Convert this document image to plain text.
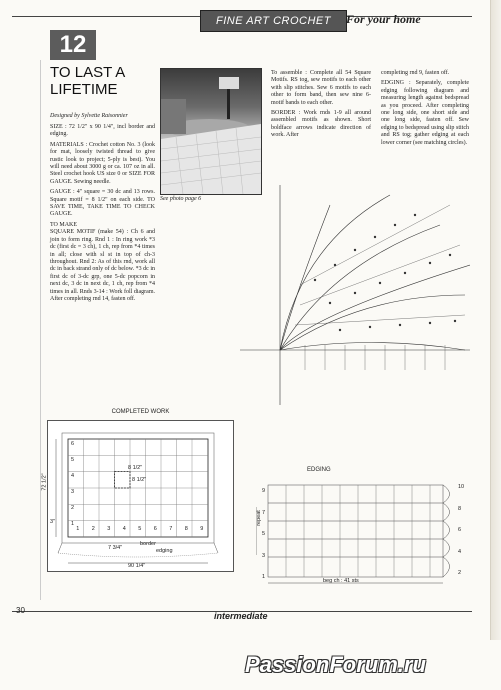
FINE ART CROCHET	For your home
12
TO LAST A LIFETIME
Designed by Sylvette Raisonnier

SIZE : 72 1/2" x 90 1/4", incl border and edging.

MATERIALS : Crochet cotton No. 3 (look for mat, loosely twisted thread to give rustic look to project; 5-ply is best). You will need about 3000 g or ca. 107 oz in all. Steel crochet hook US size 0 or SIZE FOR GAUGE. Sewing needle.

GAUGE : 4" square = 30 dc and 13 rows. Square motif = 8 1/2" on each side. TO SAVE TIME, TAKE TIME TO CHECK GAUGE.

TO MAKE

SQUARE MOTIF (make 54) : Ch 6 and join to form ring. Rnd 1 : In ring work *3 dc (first dc = 3 ch), 1 ch, rep from *4 times in all; close with sl st in top of ch-3 throughout. Rnd 2: As of this rnd, work all dc in back strand only of dc below. *3 dc in first dc of 3-dc grp, one 5-dc popcorn in next dc, 3 dc in next dc, 1 ch, rep from *4 times in all. Rnds 3-14 : Work foll diagram. After completing rnd 14, fasten off.

See photo page 6

To assemble : Complete all 54 Square Motifs. RS tog, sew motifs to each other with slip stitches. Sew 6 motifs to each other to form band, then sew nine 6-motif bands to each other.

BORDER : Work rnds 1-9 all around assembled motifs as shown. Short boldface arrows indicate direction of work. After

completing rnd 9, fasten off.

EDGING : Separately, complete edging following diagram and measuring length against bedspread as you proceed. After completing one long side, one short side and one long side, fasten off. Sew edging to bedspread using slip stitch and RS tog; gather edging at each lower corner (see matching circles).

COMPLETED WORK
72 1/2"
90 1/4"
8 1/2"
8 1/2"
border
edging
7 3/4"
3"
1	2	3	4	5	6	7	8	9
1
2
3
4
5
6
EDGING
repeat
beg ch : 41 sts
9
7
5
3
1
10
8
6
4
2
30
intermediate
PassionForum.ru
